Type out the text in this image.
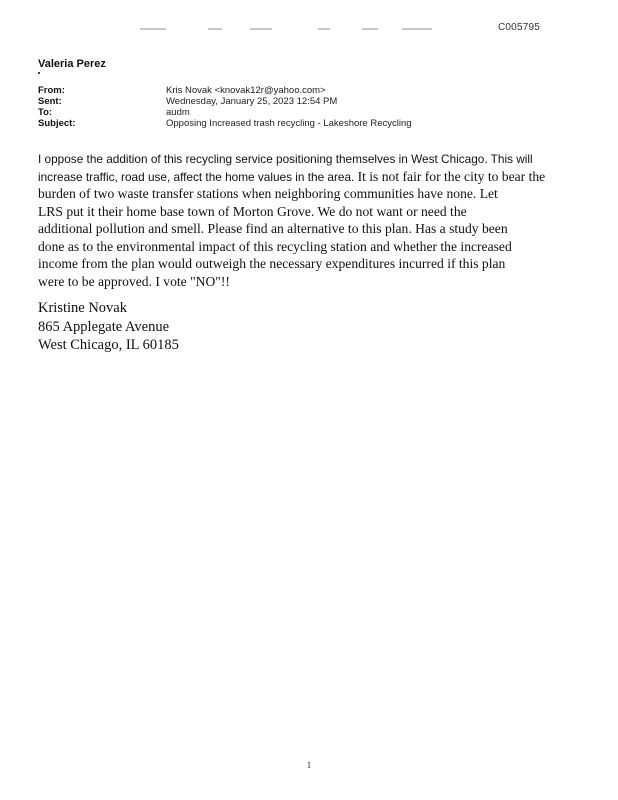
C005795
Valeria Perez
From:	Kris Novak <knovak12r@yahoo.com>
Sent:	Wednesday, January 25, 2023 12:54 PM
To:	audm
Subject:	Opposing Increased trash recycling - Lakeshore Recycling
I oppose the addition of this recycling service positioning themselves in West Chicago. This will
increase traffic, road use, affect the home values in the area. It is not fair for the city to bear the
burden of two waste transfer stations when neighboring communities have none. Let
LRS put it their home base town of Morton Grove. We do not want or need the
additional pollution and smell. Please find an alternative to this plan. Has a study been
done as to the environmental impact of this recycling station and whether the increased
income from the plan would outweigh the necessary expenditures incurred if this plan
were to be approved. I vote "NO"!!
Kristine Novak
865 Applegate Avenue
West Chicago, IL 60185
1
